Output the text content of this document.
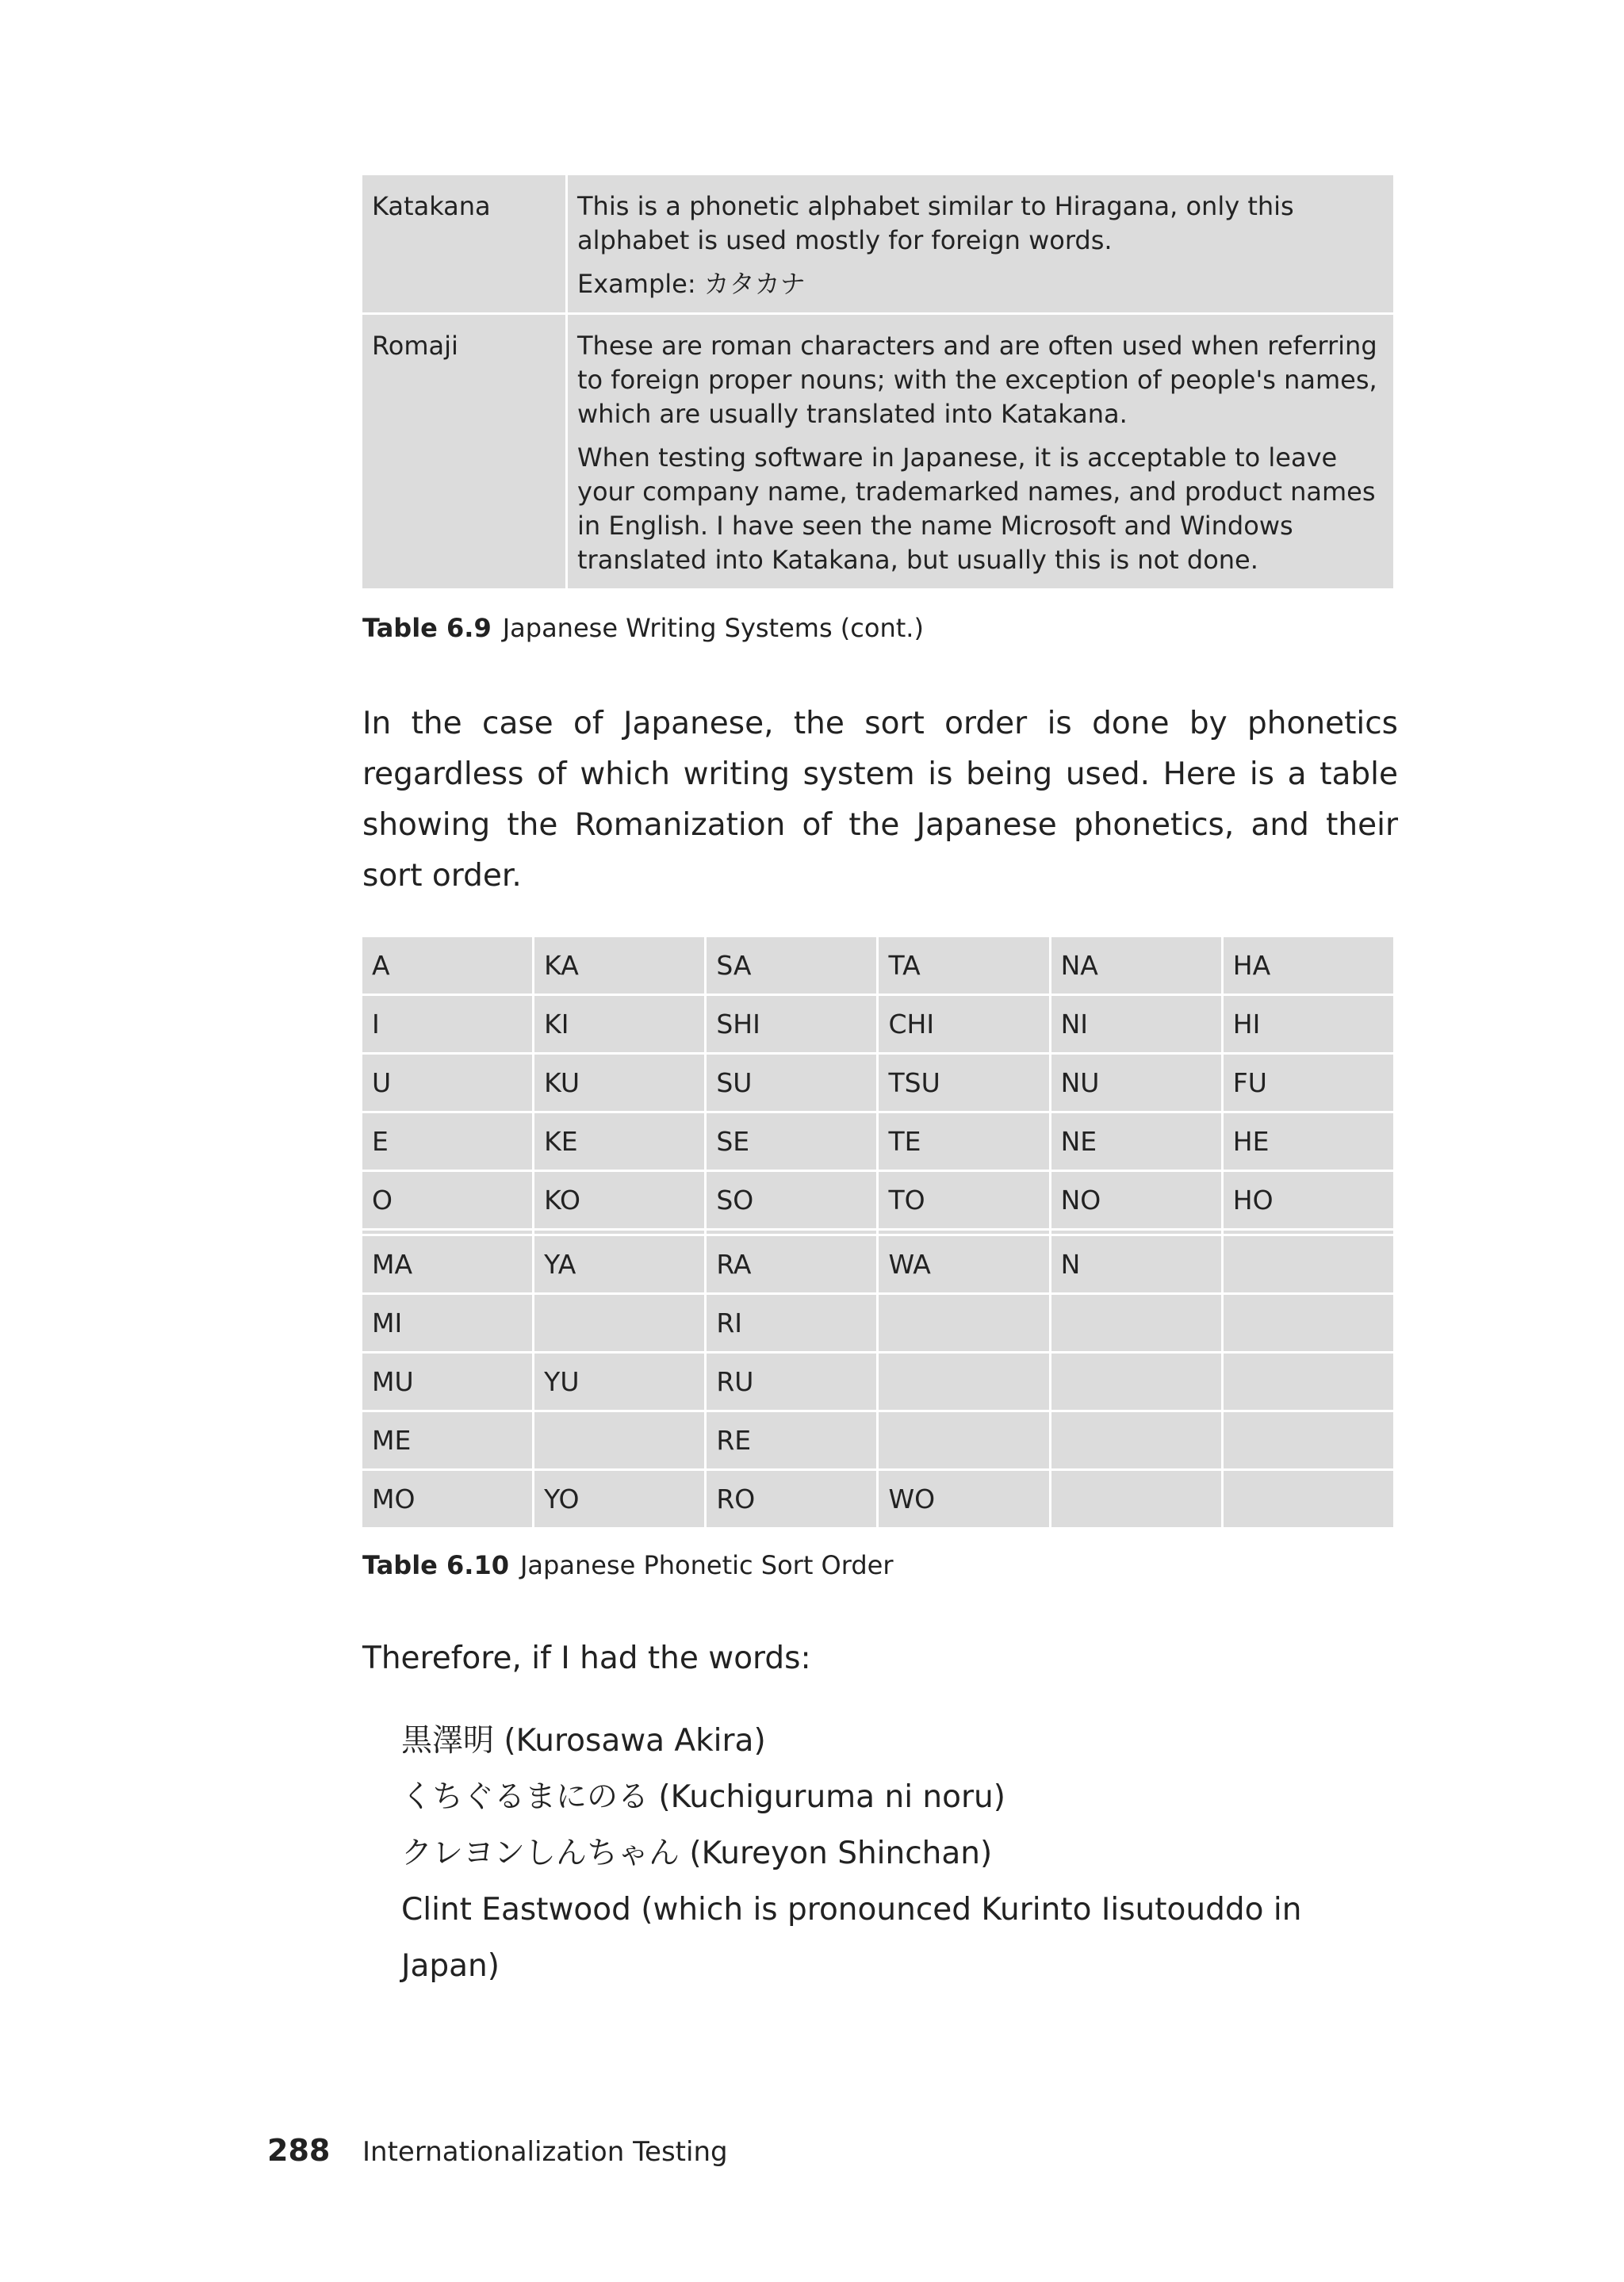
Katakana	This is a phonetic alphabet similar to Hiragana, only this alphabet is used mostly for foreign words.

Example: カタカナ

Romaji	These are roman characters and are often used when referring to foreign proper nouns; with the exception of people's names, which are usually translated into Katakana.

When testing software in Japanese, it is acceptable to leave your company name, trademarked names, and product names in English. I have seen the name Microsoft and Windows translated into Katakana, but usually this is not done.

Table 6.9 Japanese Writing Systems (cont.)
In the case of Japanese, the sort order is done by phonetics regardless of which writing system is being used. Here is a table showing the Romanization of the Japanese phonetics, and their sort order.
A	KA	SA	TA	NA	HA
I	KI	SHI	CHI	NI	HI
U	KU	SU	TSU	NU	FU
E	KE	SE	TE	NE	HE
O	KO	SO	TO	NO	HO

MA	YA	RA	WA	N	
MI		RI			
MU	YU	RU			
ME		RE			
MO	YO	RO	WO		
Table 6.10 Japanese Phonetic Sort Order
Therefore, if I had the words:
黒澤明 (Kurosawa Akira)
くちぐるまにのる (Kuchiguruma ni noru)
クレヨンしんちゃん (Kureyon Shinchan)
Clint Eastwood (which is pronounced Kurinto Iisutouddo in Japan)
288 Internationalization Testing
